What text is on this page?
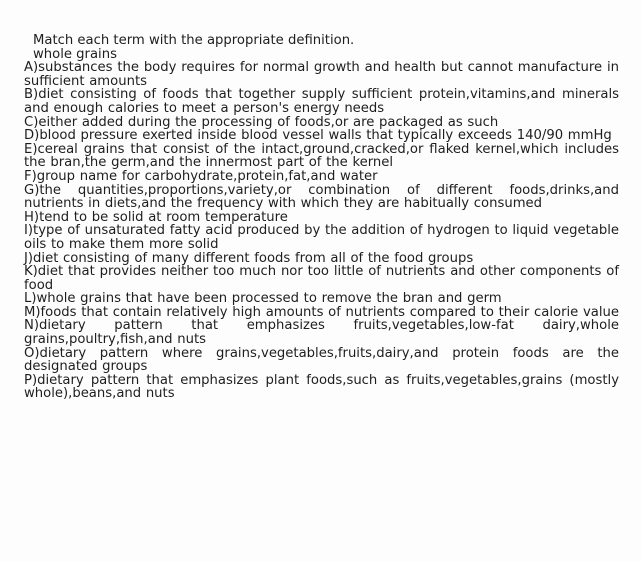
Match each term with the appropriate definition.
whole grains
A)substances the body requires for normal growth and health but cannot manufacture in sufficient amounts
B)diet consisting of foods that together supply sufficient protein,vitamins,and minerals and enough calories to meet a person's energy needs
C)either added during the processing of foods,or are packaged as such
D)blood pressure exerted inside blood vessel walls that typically exceeds 140/90 mmHg
E)cereal grains that consist of the intact,ground,cracked,or flaked kernel,which includes the bran,the germ,and the innermost part of the kernel
F)group name for carbohydrate,protein,fat,and water
G)the quantities,proportions,variety,or combination of different foods,drinks,and nutrients in diets,and the frequency with which they are habitually consumed
H)tend to be solid at room temperature
I)type of unsaturated fatty acid produced by the addition of hydrogen to liquid vegetable oils to make them more solid
J)diet consisting of many different foods from all of the food groups
K)diet that provides neither too much nor too little of nutrients and other components of food
L)whole grains that have been processed to remove the bran and germ
M)foods that contain relatively high amounts of nutrients compared to their calorie value
N)dietary pattern that emphasizes fruits,vegetables,low-fat dairy,whole grains,poultry,fish,and nuts
O)dietary pattern where grains,vegetables,fruits,dairy,and protein foods are the designated groups
P)dietary pattern that emphasizes plant foods,such as fruits,vegetables,grains (mostly whole),beans,and nuts
